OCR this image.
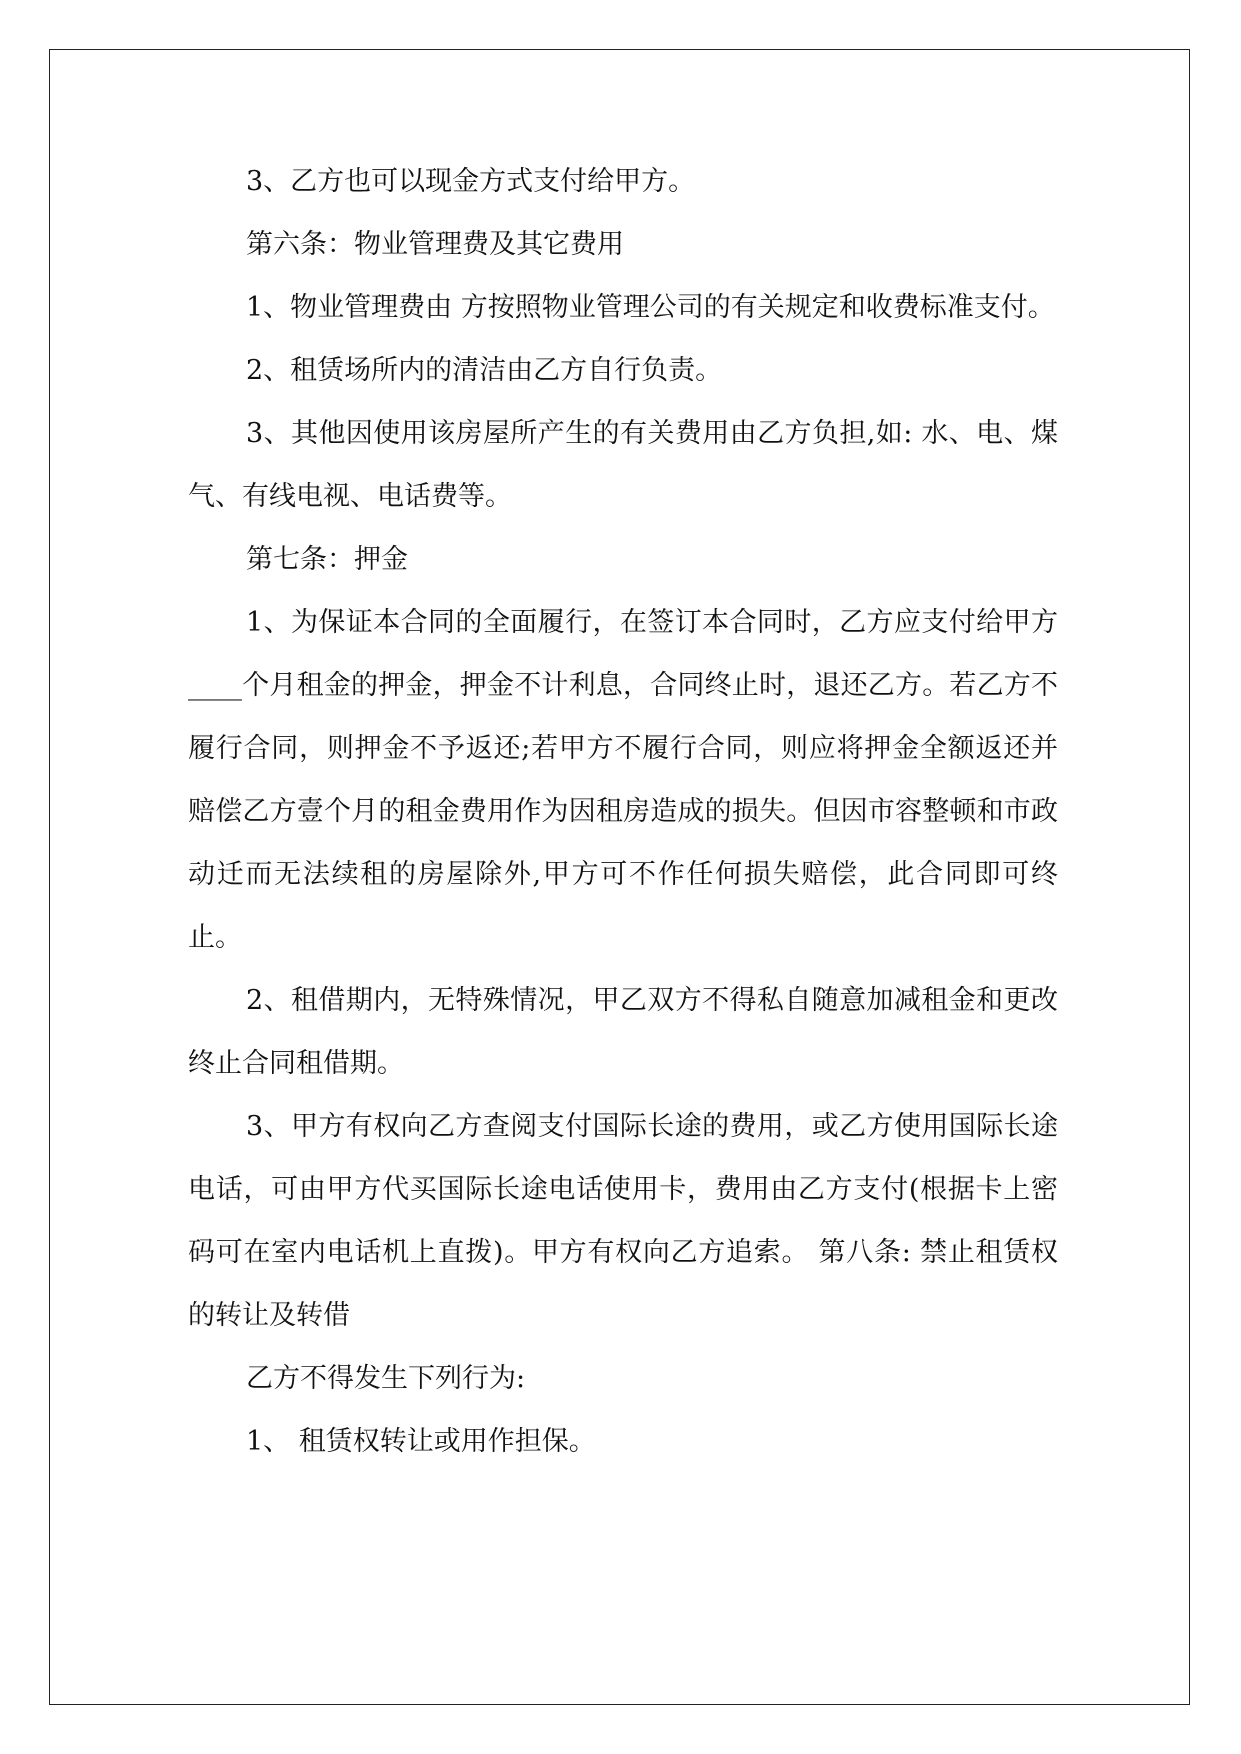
3、乙方也可以现金方式支付给甲方。

第六条：物业管理费及其它费用

1、物业管理费由 方按照物业管理公司的有关规定和收费标准支付。

2、租赁场所内的清洁由乙方自行负责。

3、其他因使用该房屋所产生的有关费用由乙方负担,如: 水、电、煤气、有线电视、电话费等。

第七条：押金

1、为保证本合同的全面履行，在签订本合同时，乙方应支付给甲方____个月租金的押金，押金不计利息，合同终止时，退还乙方。若乙方不履行合同，则押金不予返还;若甲方不履行合同，则应将押金全额返还并赔偿乙方壹个月的租金费用作为因租房造成的损失。但因市容整顿和市政动迁而无法续租的房屋除外,甲方可不作任何损失赔偿，此合同即可终止。

2、租借期内，无特殊情况，甲乙双方不得私自随意加减租金和更改终止合同租借期。

3、甲方有权向乙方查阅支付国际长途的费用，或乙方使用国际长途电话，可由甲方代买国际长途电话使用卡，费用由乙方支付(根据卡上密码可在室内电话机上直拨)。甲方有权向乙方追索。 第八条: 禁止租赁权的转让及转借

乙方不得发生下列行为:

1、 租赁权转让或用作担保。
